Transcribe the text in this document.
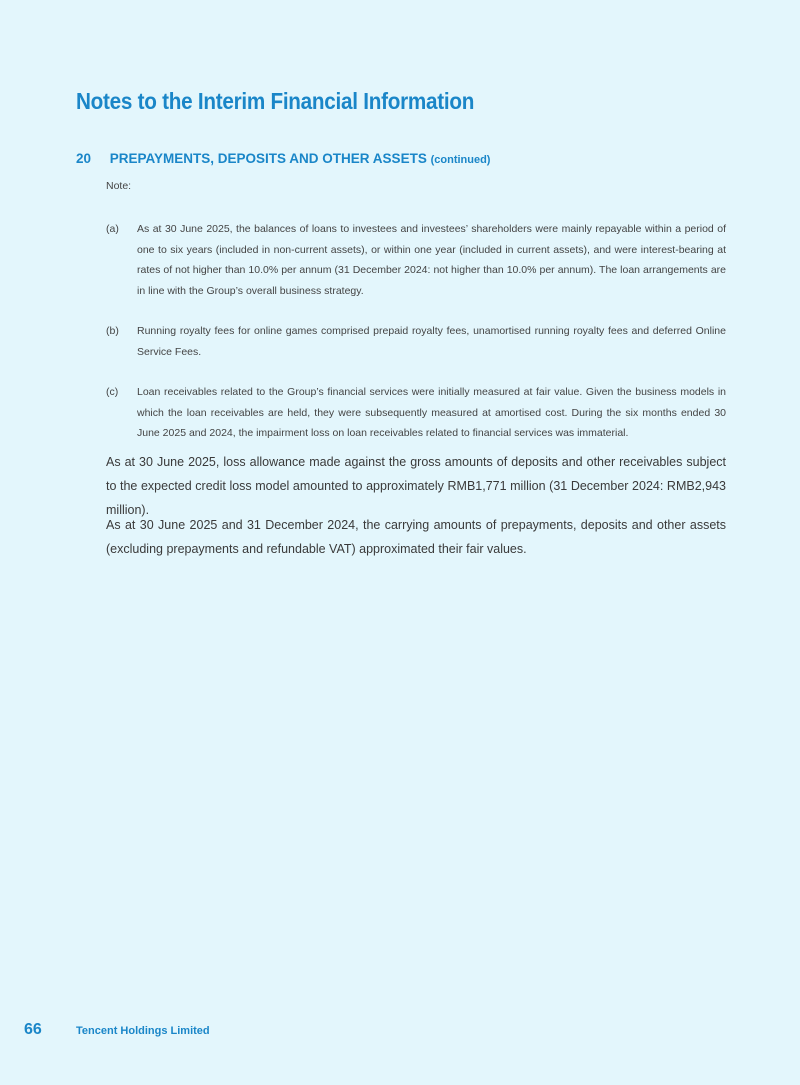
Notes to the Interim Financial Information
20 PREPAYMENTS, DEPOSITS AND OTHER ASSETS (continued)

Note:

(a)	As at 30 June 2025, the balances of loans to investees and investees’ shareholders were mainly repayable within a period of one to six years (included in non-current assets), or within one year (included in current assets), and were interest-bearing at rates of not higher than 10.0% per annum (31 December 2024: not higher than 10.0% per annum). The loan arrangements are in line with the Group’s overall business strategy.
(b)	Running royalty fees for online games comprised prepaid royalty fees, unamortised running royalty fees and deferred Online Service Fees.
(c)	Loan receivables related to the Group’s financial services were initially measured at fair value. Given the business models in which the loan receivables are held, they were subsequently measured at amortised cost. During the six months ended 30 June 2025 and 2024, the impairment loss on loan receivables related to financial services was immaterial.

As at 30 June 2025, loss allowance made against the gross amounts of deposits and other receivables subject to the expected credit loss model amounted to approximately RMB1,771 million (31 December 2024: RMB2,943 million).

As at 30 June 2025 and 31 December 2024, the carrying amounts of prepayments, deposits and other assets (excluding prepayments and refundable VAT) approximated their fair values.

66	Tencent Holdings Limited
